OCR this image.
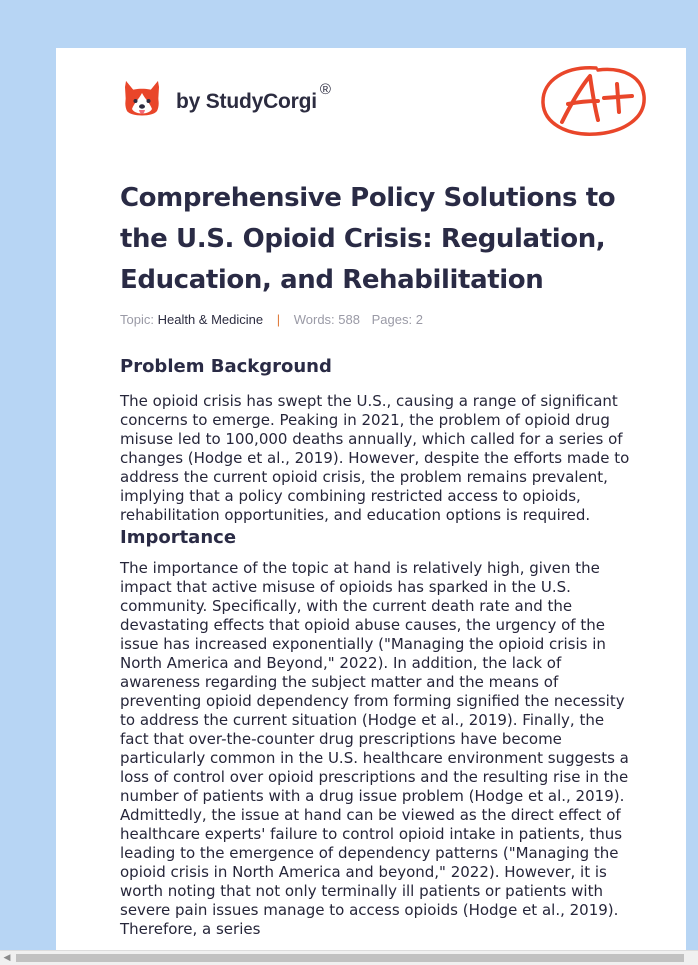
by StudyCorgi
®
Comprehensive Policy Solutions to the U.S. Opioid Crisis: Regulation, Education, and Rehabilitation
Topic: Health & Medicine | Words: 588 Pages: 2
Problem Background

The opioid crisis has swept the U.S., causing a range of significant concerns to emerge. Peaking in 2021, the problem of opioid drug misuse led to 100,000 deaths annually, which called for a series of changes (Hodge et al., 2019). However, despite the efforts made to address the current opioid crisis, the problem remains prevalent, implying that a policy combining restricted access to opioids, rehabilitation opportunities, and education options is required.

Importance

The importance of the topic at hand is relatively high, given the impact that active misuse of opioids has sparked in the U.S. community. Specifically, with the current death rate and the devastating effects that opioid abuse causes, the urgency of the issue has increased exponentially ("Managing the opioid crisis in North America and Beyond," 2022). In addition, the lack of awareness regarding the subject matter and the means of preventing opioid dependency from forming signified the necessity to address the current situation (Hodge et al., 2019). Finally, the fact that over-the-counter drug prescriptions have become particularly common in the U.S. healthcare environment suggests a loss of control over opioid prescriptions and the resulting rise in the number of patients with a drug issue problem (Hodge et al., 2019). Admittedly, the issue at hand can be viewed as the direct effect of healthcare experts' failure to control opioid intake in patients, thus leading to the emergence of dependency patterns ("Managing the opioid crisis in North America and beyond," 2022). However, it is worth noting that not only terminally ill patients or patients with severe pain issues manage to access opioids (Hodge et al., 2019). Therefore, a series

◀
